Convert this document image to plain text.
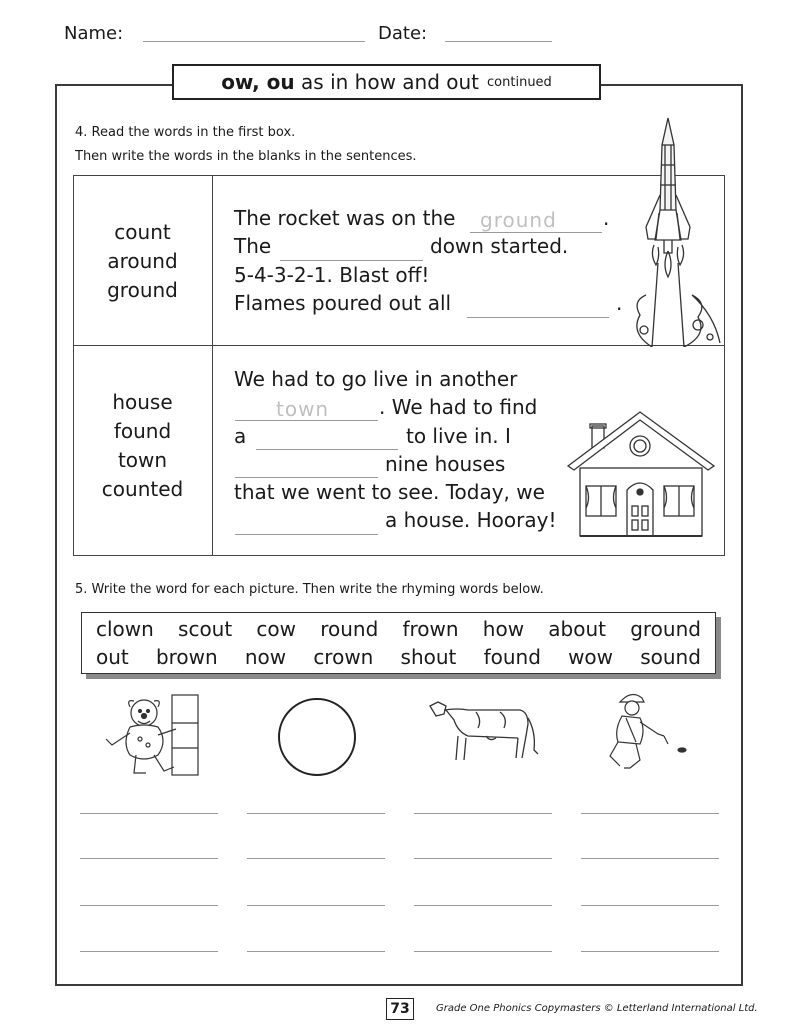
Name:	Date:
ow, ou as in how and out continued
4. Read the words in the first box.
Then write the words in the blanks in the sentences.
count
around
ground
The rocket was on the ground .
The	down started.
5-4-3-2-1. Blast off!
Flames poured out all	.
house
found
town
counted
We had to go live in another
town . We had to find
a	to live in. I
nine houses
that we went to see. Today, we
a house. Hooray!
5. Write the word for each picture. Then write the rhyming words below.
clown scout cow round frown how about ground
out brown now crown shout found wow sound
73	Grade One Phonics Copymasters © Letterland International Ltd.
